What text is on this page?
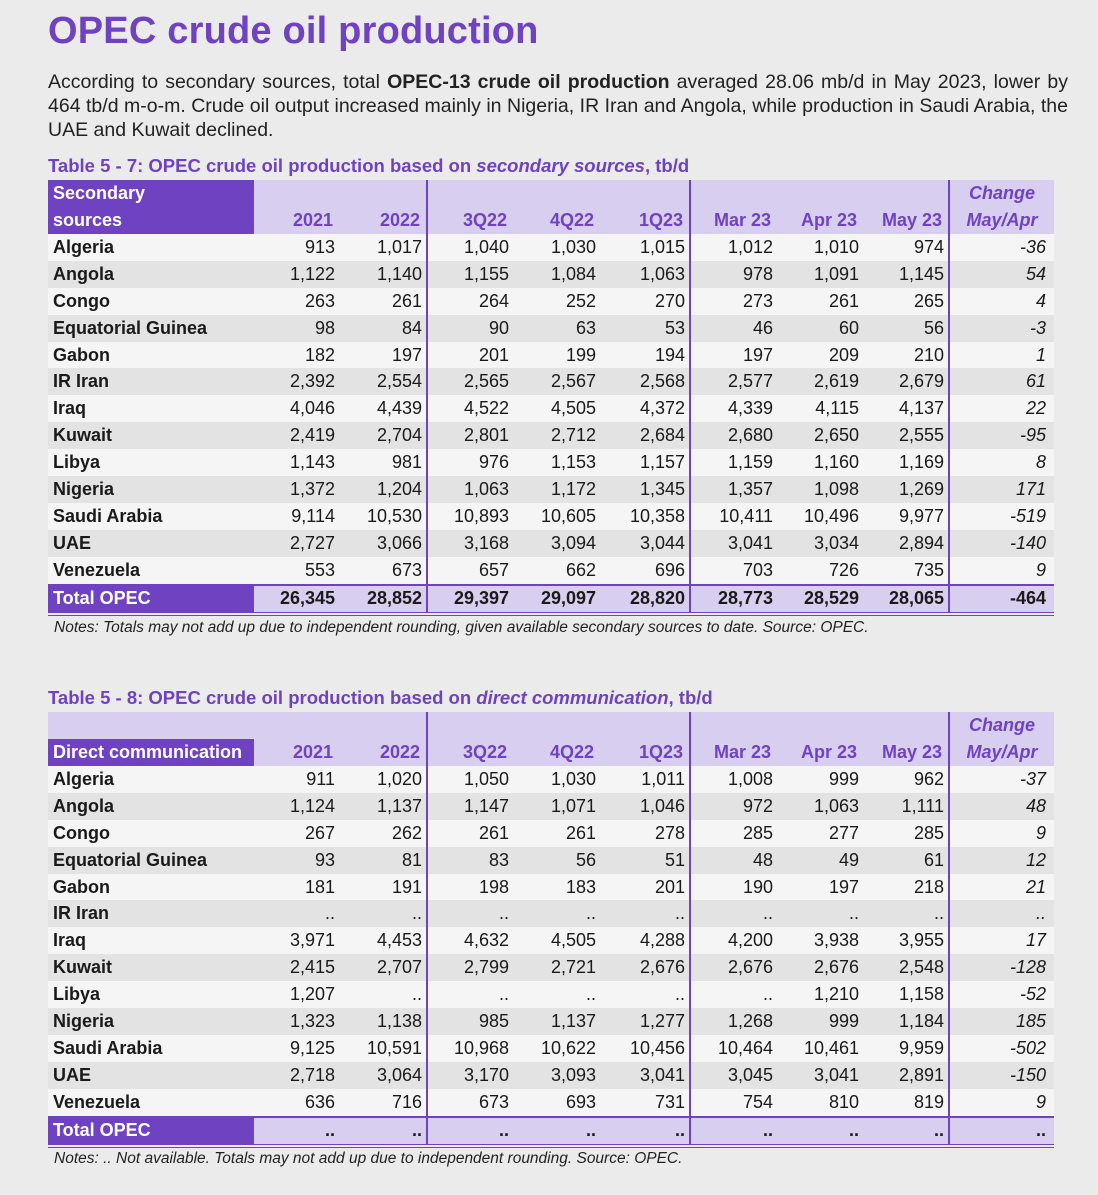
OPEC crude oil production
According to secondary sources, total OPEC-13 crude oil production averaged 28.06 mb/d in May 2023, lower by 464 tb/d m-o-m. Crude oil output increased mainly in Nigeria, IR Iran and Angola, while production in Saudi Arabia, the UAE and Kuwait declined.
Table 5 - 7: OPEC crude oil production based on secondary sources, tb/d
Secondary									Change
sources	2021	2022	3Q22	4Q22	1Q23	Mar 23	Apr 23	May 23	May/Apr
Algeria	913	1,017	1,040	1,030	1,015	1,012	1,010	974	-36
Angola	1,122	1,140	1,155	1,084	1,063	978	1,091	1,145	54
Congo	263	261	264	252	270	273	261	265	4
Equatorial Guinea	98	84	90	63	53	46	60	56	-3
Gabon	182	197	201	199	194	197	209	210	1
IR Iran	2,392	2,554	2,565	2,567	2,568	2,577	2,619	2,679	61
Iraq	4,046	4,439	4,522	4,505	4,372	4,339	4,115	4,137	22
Kuwait	2,419	2,704	2,801	2,712	2,684	2,680	2,650	2,555	-95
Libya	1,143	981	976	1,153	1,157	1,159	1,160	1,169	8
Nigeria	1,372	1,204	1,063	1,172	1,345	1,357	1,098	1,269	171
Saudi Arabia	9,114	10,530	10,893	10,605	10,358	10,411	10,496	9,977	-519
UAE	2,727	3,066	3,168	3,094	3,044	3,041	3,034	2,894	-140
Venezuela	553	673	657	662	696	703	726	735	9
Total OPEC	26,345	28,852	29,397	29,097	28,820	28,773	28,529	28,065	-464
Notes: Totals may not add up due to independent rounding, given available secondary sources to date. Source: OPEC.
Table 5 - 8: OPEC crude oil production based on direct communication, tb/d
									Change
Direct communication	2021	2022	3Q22	4Q22	1Q23	Mar 23	Apr 23	May 23	May/Apr
Algeria	911	1,020	1,050	1,030	1,011	1,008	999	962	-37
Angola	1,124	1,137	1,147	1,071	1,046	972	1,063	1,111	48
Congo	267	262	261	261	278	285	277	285	9
Equatorial Guinea	93	81	83	56	51	48	49	61	12
Gabon	181	191	198	183	201	190	197	218	21
IR Iran	..	..	..	..	..	..	..	..	..
Iraq	3,971	4,453	4,632	4,505	4,288	4,200	3,938	3,955	17
Kuwait	2,415	2,707	2,799	2,721	2,676	2,676	2,676	2,548	-128
Libya	1,207	..	..	..	..	..	1,210	1,158	-52
Nigeria	1,323	1,138	985	1,137	1,277	1,268	999	1,184	185
Saudi Arabia	9,125	10,591	10,968	10,622	10,456	10,464	10,461	9,959	-502
UAE	2,718	3,064	3,170	3,093	3,041	3,045	3,041	2,891	-150
Venezuela	636	716	673	693	731	754	810	819	9
Total OPEC	..	..	..	..	..	..	..	..	..
Notes: .. Not available. Totals may not add up due to independent rounding. Source: OPEC.
